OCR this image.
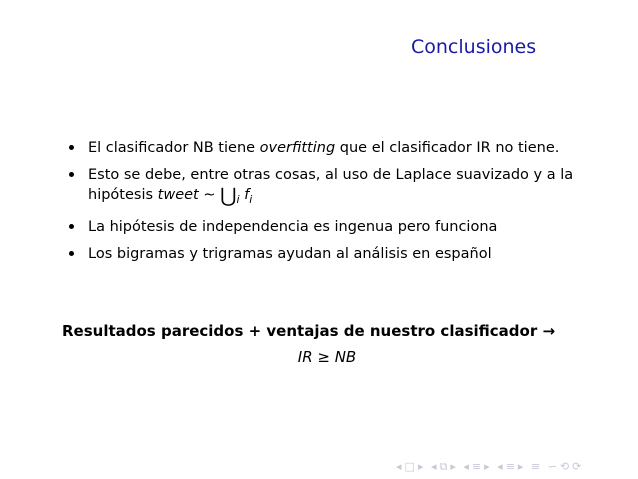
Conclusiones
El clasificador NB tiene overfitting que el clasificador IR no tiene.
Esto se debe, entre otras cosas, al uso de Laplace suavizado y a la hipótesis tweet ∼ $⋃_i$ $f_i$
La hipótesis de independencia es ingenua pero funciona
Los bigramas y trigramas ayudan al análisis en español
Resultados parecidos + ventajas de nuestro clasificador →
IR ≥ NB
◂ □ ▸ ◂ ⧉ ▸ ◂ ≡ ▸ ◂ ≡ ▸ ≡ ∽ ⟲ ⟳
